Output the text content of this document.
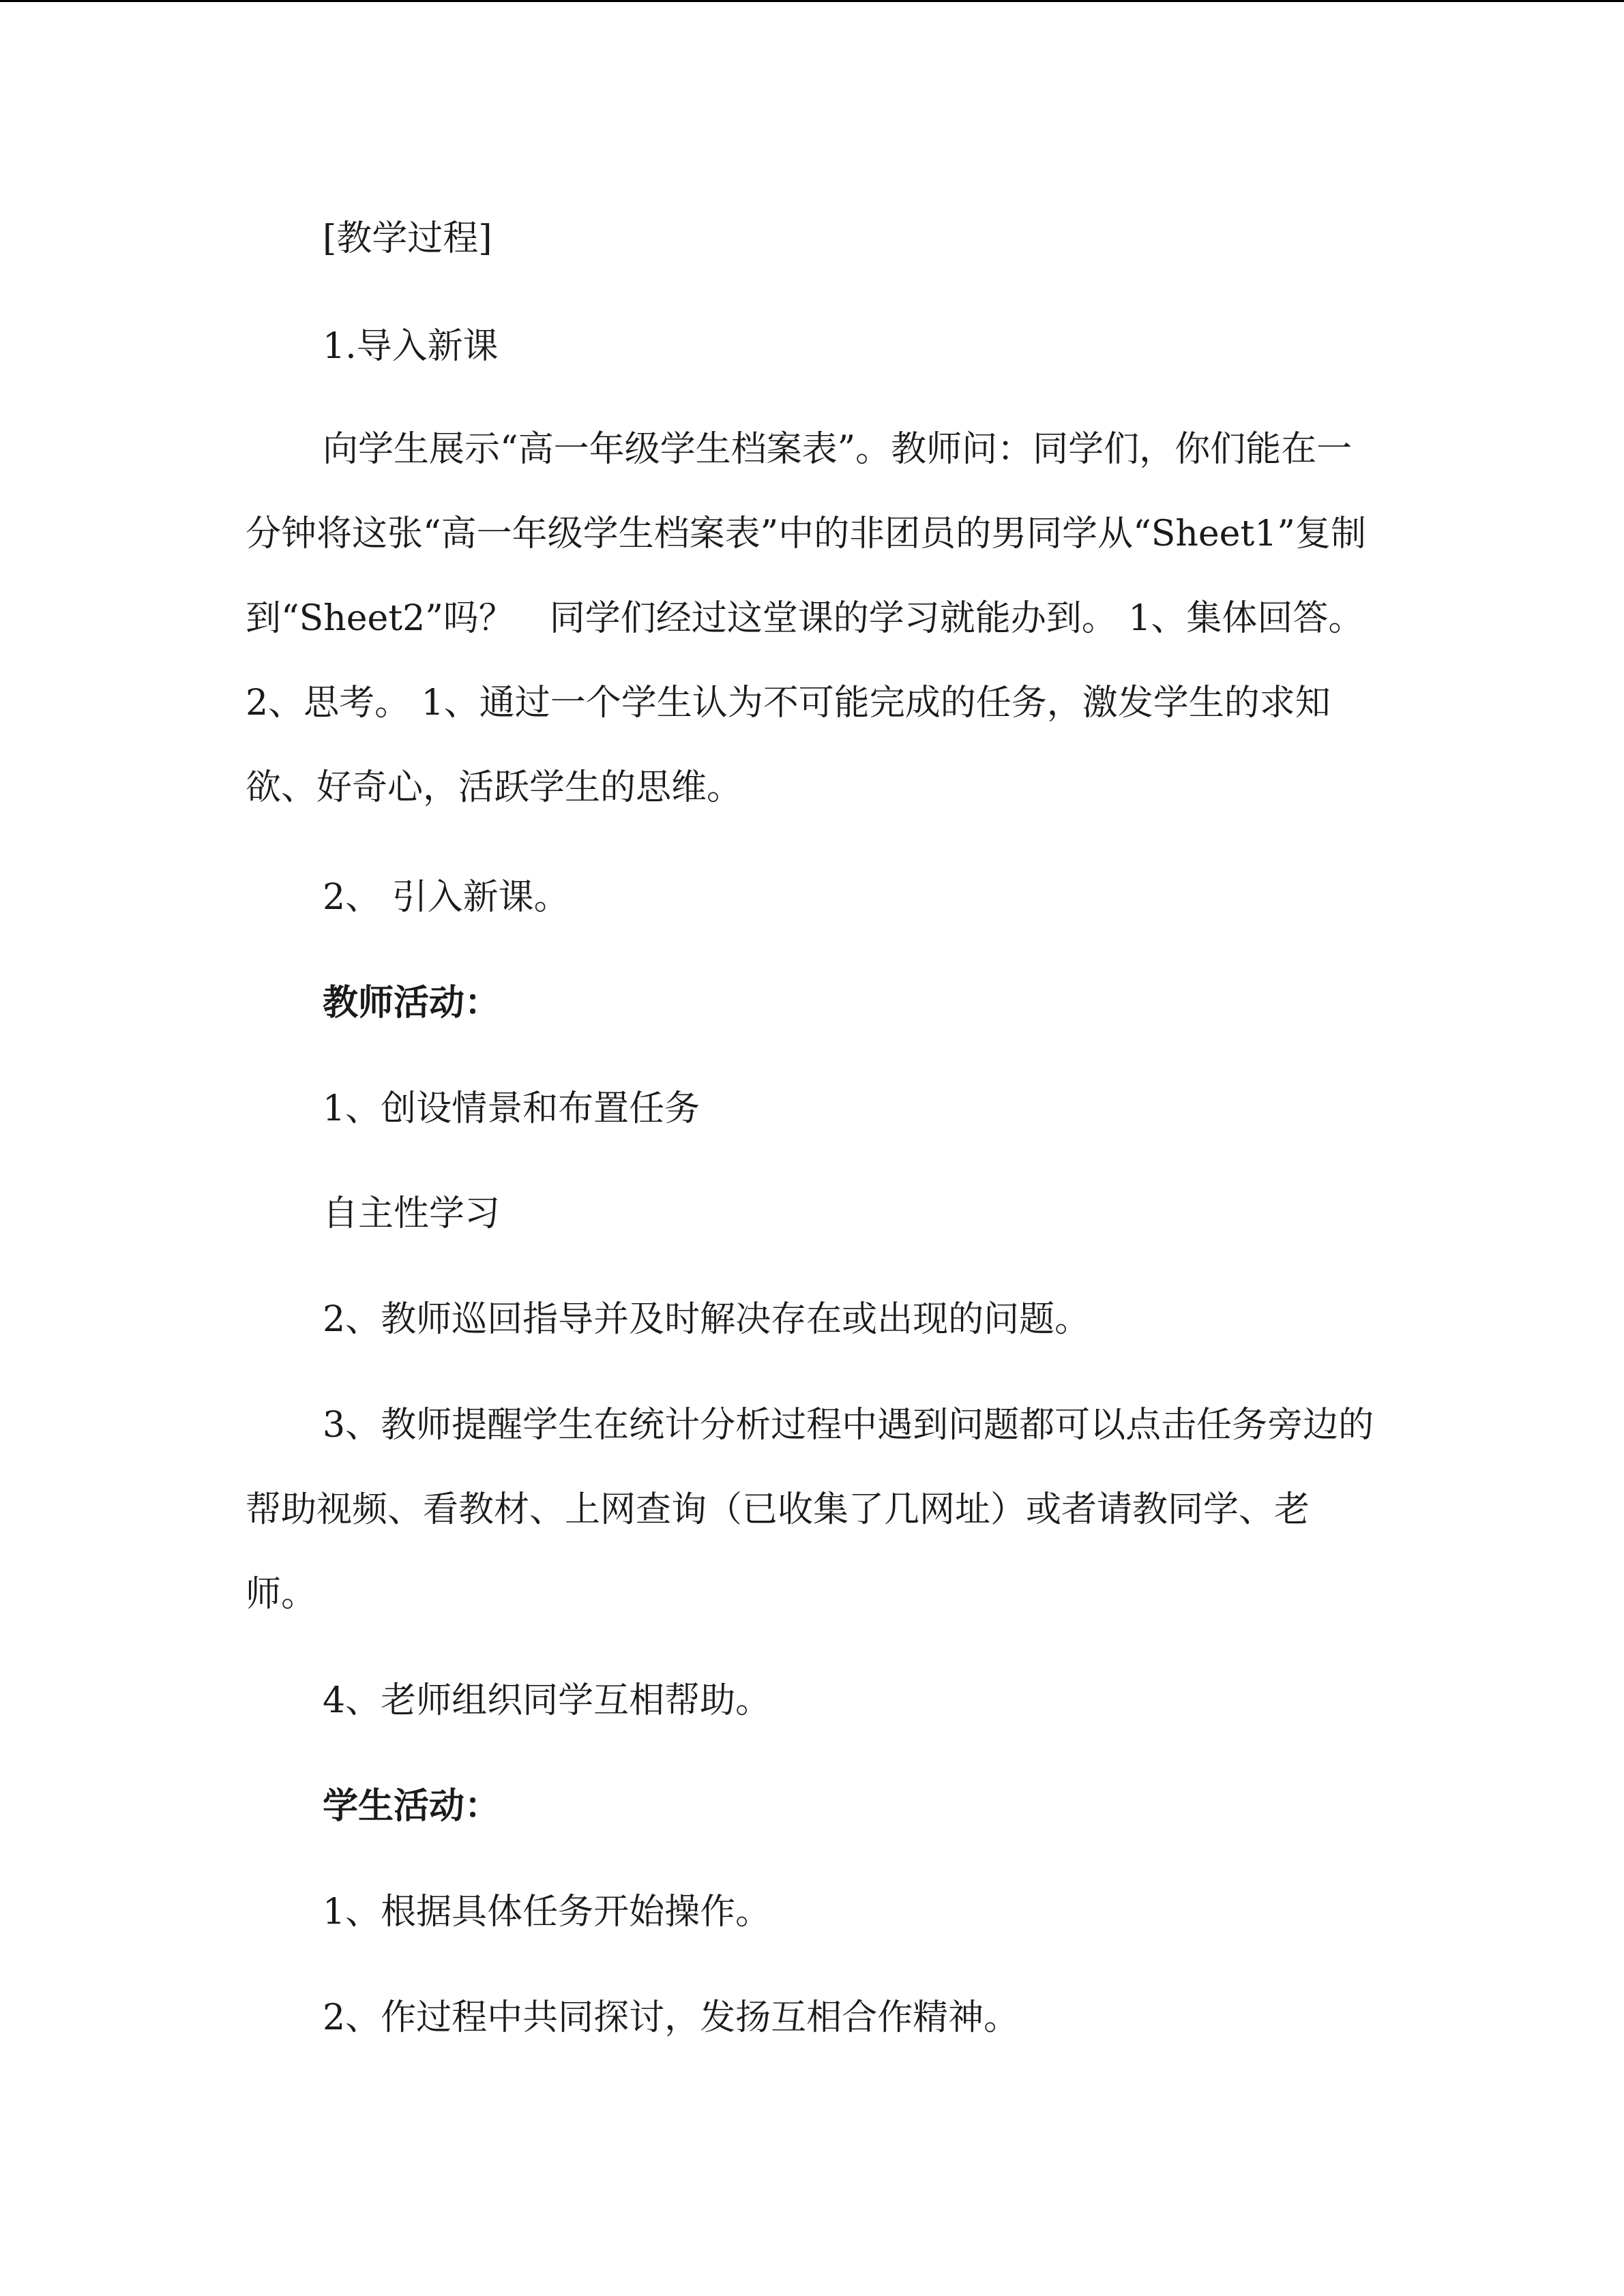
[教学过程]
1.导入新课
向学生展示“高一年级学生档案表”。教师问：同学们，你们能在一分钟将这张“高一年级学生档案表”中的非团员的男同学从“Sheet1”复制到“Sheet2”吗？　同学们经过这堂课的学习就能办到。 1、集体回答。2、思考。 1、通过一个学生认为不可能完成的任务，激发学生的求知欲、好奇心，活跃学生的思维。
2、 引入新课。
教师活动：
1、创设情景和布置任务
自主性学习
2、教师巡回指导并及时解决存在或出现的问题。
3、教师提醒学生在统计分析过程中遇到问题都可以点击任务旁边的帮助视频、看教材、上网查询（已收集了几网址）或者请教同学、老师。
4、老师组织同学互相帮助。
学生活动：
1、根据具体任务开始操作。
2、作过程中共同探讨，发扬互相合作精神。
